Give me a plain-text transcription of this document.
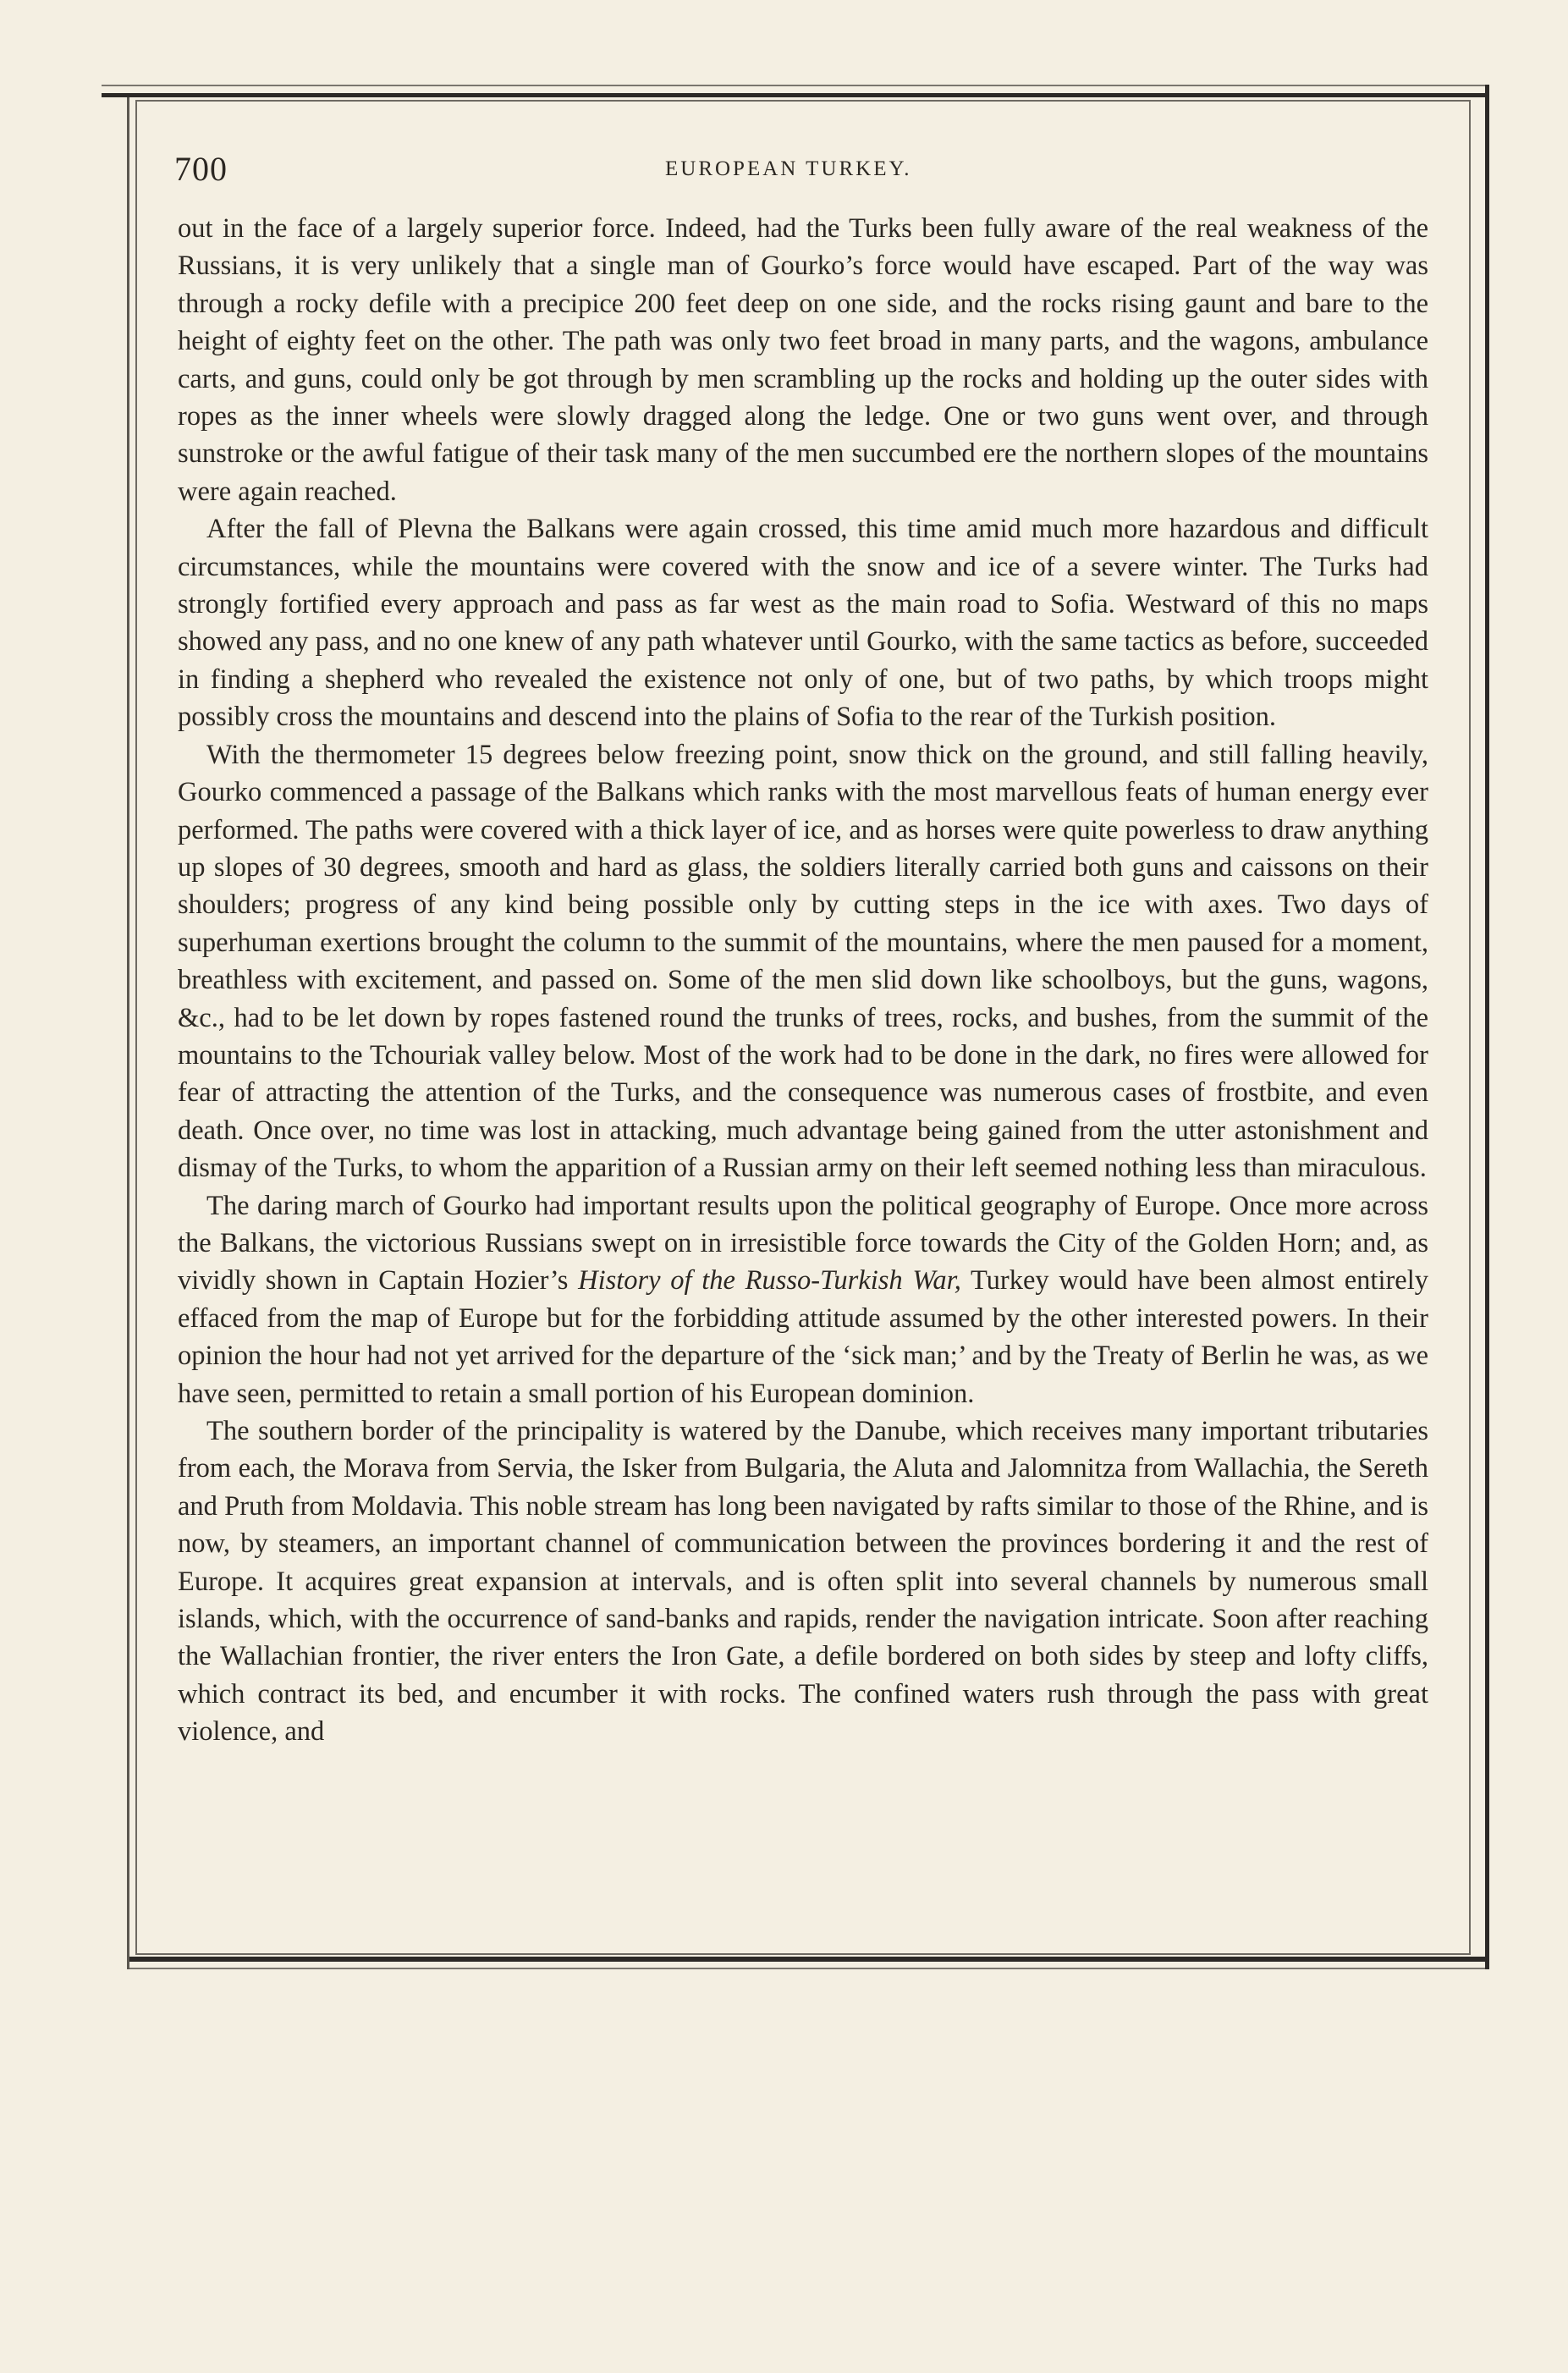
700	EUROPEAN TURKEY.

out in the face of a largely superior force. Indeed, had the Turks been fully aware of the real weakness of the Russians, it is very unlikely that a single man of Gourko’s force would have escaped. Part of the way was through a rocky defile with a precipice 200 feet deep on one side, and the rocks rising gaunt and bare to the height of eighty feet on the other. The path was only two feet broad in many parts, and the wagons, ambulance carts, and guns, could only be got through by men scrambling up the rocks and holding up the outer sides with ropes as the inner wheels were slowly dragged along the ledge. One or two guns went over, and through sunstroke or the awful fatigue of their task many of the men succumbed ere the northern slopes of the mountains were again reached.

After the fall of Plevna the Balkans were again crossed, this time amid much more hazardous and difficult circumstances, while the mountains were covered with the snow and ice of a severe winter. The Turks had strongly fortified every approach and pass as far west as the main road to Sofia. Westward of this no maps showed any pass, and no one knew of any path whatever until Gourko, with the same tactics as before, succeeded in finding a shepherd who revealed the existence not only of one, but of two paths, by which troops might possibly cross the mountains and descend into the plains of Sofia to the rear of the Turkish position.

With the thermometer 15 degrees below freezing point, snow thick on the ground, and still falling heavily, Gourko commenced a passage of the Balkans which ranks with the most marvellous feats of human energy ever performed. The paths were covered with a thick layer of ice, and as horses were quite powerless to draw anything up slopes of 30 degrees, smooth and hard as glass, the soldiers literally carried both guns and caissons on their shoulders; progress of any kind being possible only by cutting steps in the ice with axes. Two days of superhuman exertions brought the column to the summit of the mountains, where the men paused for a moment, breathless with excitement, and passed on. Some of the men slid down like schoolboys, but the guns, wagons, &c., had to be let down by ropes fastened round the trunks of trees, rocks, and bushes, from the summit of the mountains to the Tchouriak valley below. Most of the work had to be done in the dark, no fires were allowed for fear of attracting the attention of the Turks, and the consequence was numerous cases of frostbite, and even death. Once over, no time was lost in attacking, much advantage being gained from the utter astonishment and dismay of the Turks, to whom the apparition of a Russian army on their left seemed nothing less than miraculous.

The daring march of Gourko had important results upon the political geography of Europe. Once more across the Balkans, the victorious Russians swept on in irresistible force towards the City of the Golden Horn; and, as vividly shown in Captain Hozier’s History of the Russo-Turkish War, Turkey would have been almost entirely effaced from the map of Europe but for the forbidding attitude assumed by the other interested powers. In their opinion the hour had not yet arrived for the departure of the ‘sick man;’ and by the Treaty of Berlin he was, as we have seen, permitted to retain a small portion of his European dominion.

The southern border of the principality is watered by the Danube, which receives many important tributaries from each, the Morava from Servia, the Isker from Bulgaria, the Aluta and Jalomnitza from Wallachia, the Sereth and Pruth from Moldavia. This noble stream has long been navigated by rafts similar to those of the Rhine, and is now, by steamers, an important channel of communication between the provinces bordering it and the rest of Europe. It acquires great expansion at intervals, and is often split into several channels by numerous small islands, which, with the occurrence of sand-banks and rapids, render the navigation intricate. Soon after reaching the Wallachian frontier, the river enters the Iron Gate, a defile bordered on both sides by steep and lofty cliffs, which contract its bed, and encumber it with rocks. The confined waters rush through the pass with great violence, and
